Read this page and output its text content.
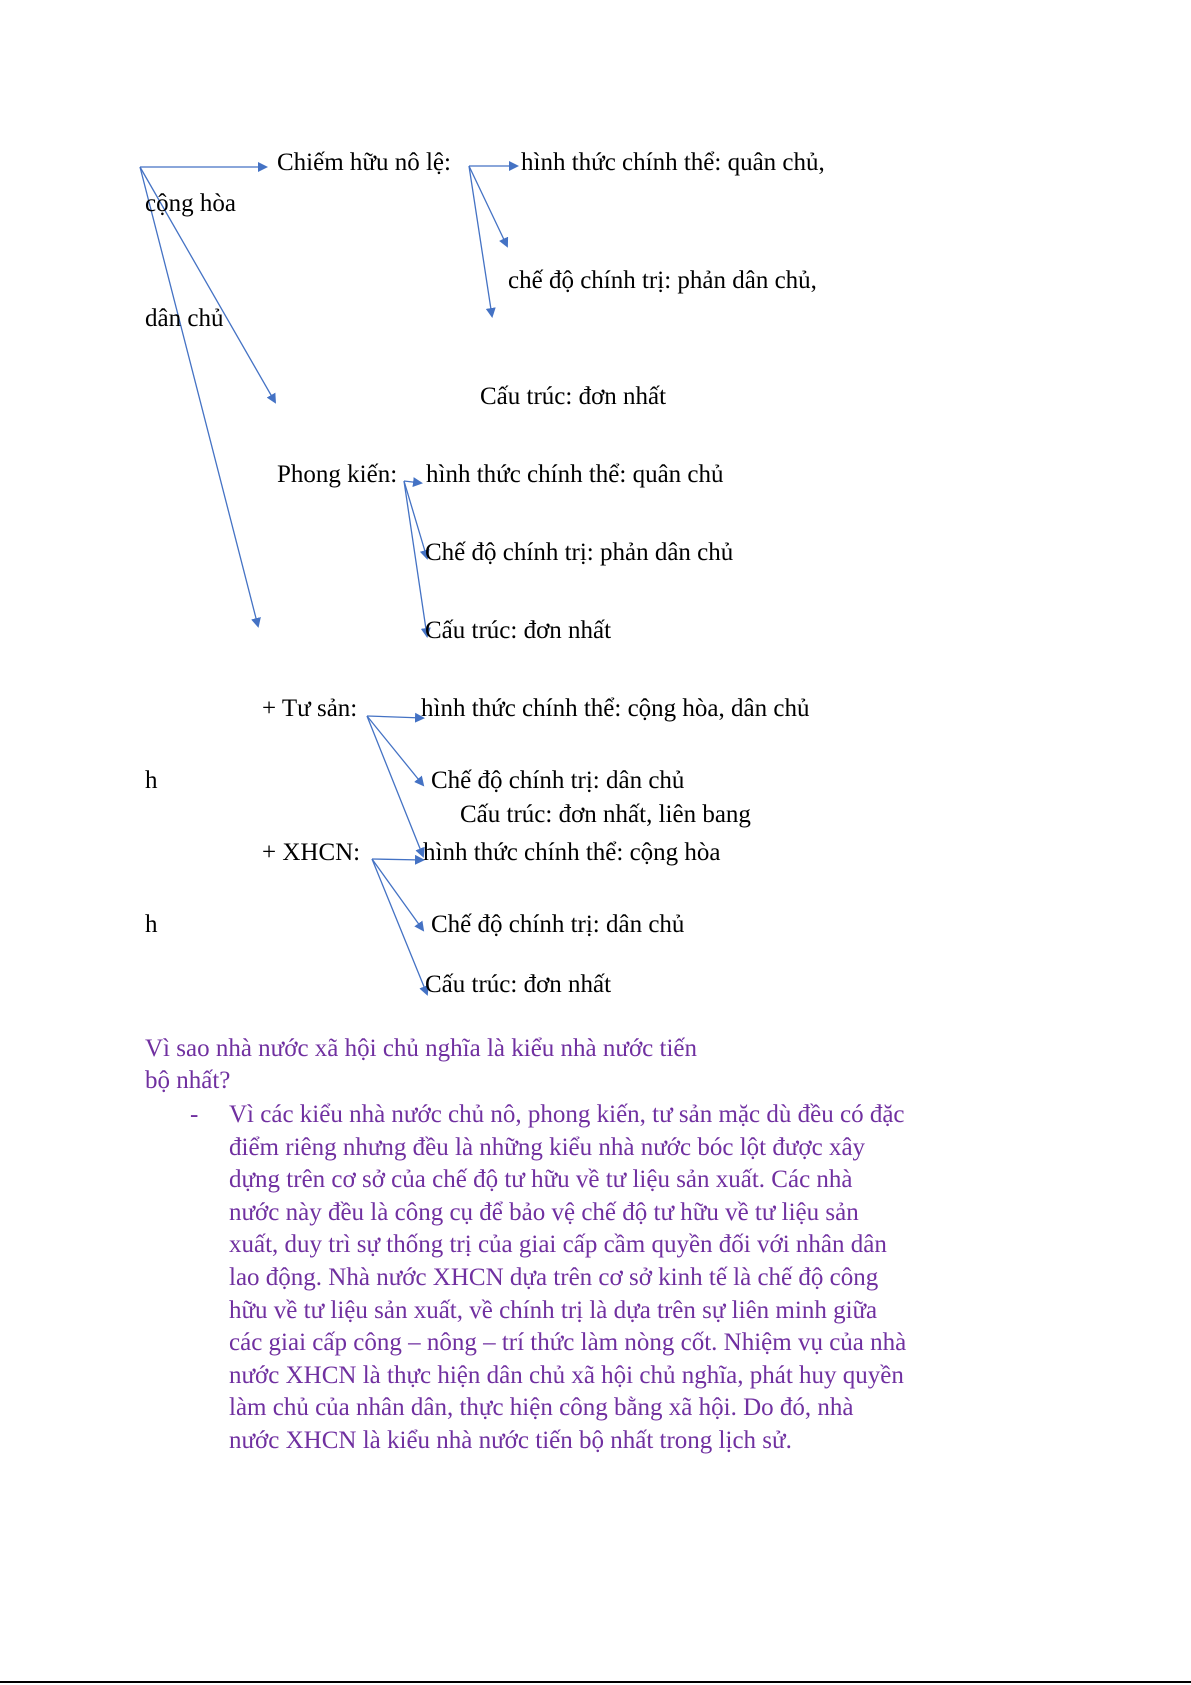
Chiếm hữu nô lệ:	hình thức chính thể: quân chủ,
cộng hòa
chế độ chính trị: phản dân chủ,
dân chủ
Cấu trúc: đơn nhất
Phong kiến: hình thức chính thể: quân chủ
Chế độ chính trị: phản dân chủ
Cấu trúc: đơn nhất
+ Tư sản:	hình thức chính thể: cộng hòa, dân chủ
h	Chế độ chính trị: dân chủ
Cấu trúc: đơn nhất, liên bang
+ XHCN:	hình thức chính thể: cộng hòa
h	Chế độ chính trị: dân chủ
Cấu trúc: đơn nhất
Vì sao nhà nước xã hội chủ nghĩa là kiểu nhà nước tiến
bộ nhất?
- Vì các kiểu nhà nước chủ nô, phong kiến, tư sản mặc dù đều có đặc điểm riêng nhưng đều là những kiểu nhà nước bóc lột được xây dựng trên cơ sở của chế độ tư hữu về tư liệu sản xuất. Các nhà nước này đều là công cụ để bảo vệ chế độ tư hữu về tư liệu sản xuất, duy trì sự thống trị của giai cấp cầm quyền đối với nhân dân lao động. Nhà nước XHCN dựa trên cơ sở kinh tế là chế độ công hữu về tư liệu sản xuất, về chính trị là dựa trên sự liên minh giữa các giai cấp công – nông – trí thức làm nòng cốt. Nhiệm vụ của nhà nước XHCN là thực hiện dân chủ xã hội chủ nghĩa, phát huy quyền làm chủ của nhân dân, thực hiện công bằng xã hội. Do đó, nhà nước XHCN là kiểu nhà nước tiến bộ nhất trong lịch sử.
